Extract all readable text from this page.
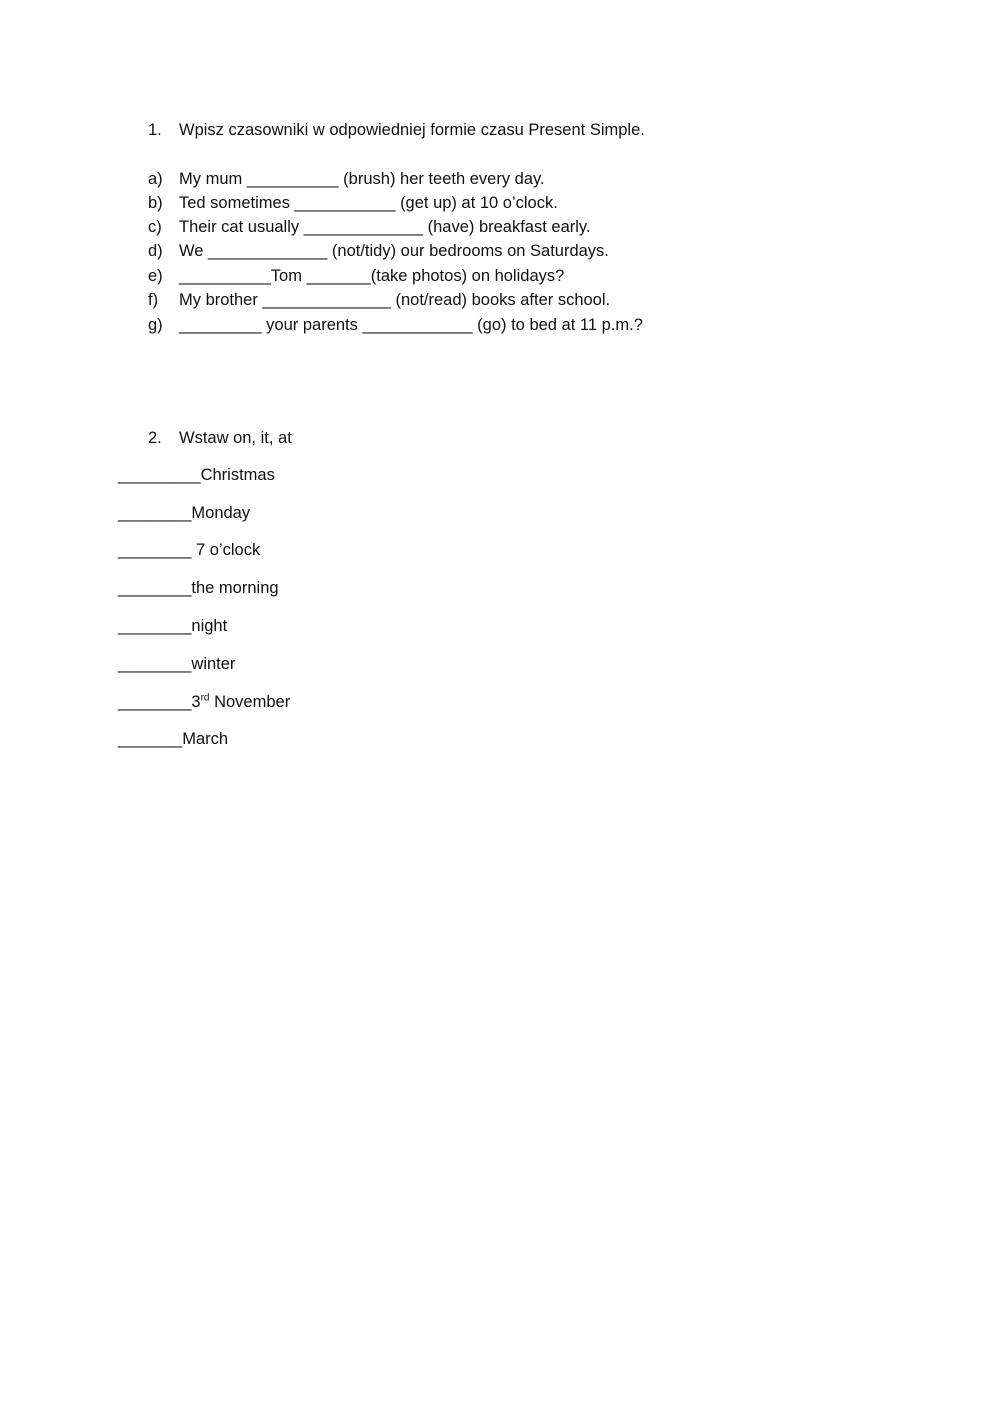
1. Wpisz czasowniki w odpowiedniej formie czasu Present Simple.
a) My mum __________ (brush) her teeth every day.
b) Ted sometimes ___________ (get up) at 10 o’clock.
c) Their cat usually _____________ (have) breakfast early.
d) We _____________ (not/tidy) our bedrooms on Saturdays.
e) __________Tom _______(take photos) on holidays?
f) My brother ______________ (not/read) books after school.
g) _________ your parents ____________ (go) to bed at 11 p.m.?
2. Wstaw on, it, at
_________Christmas
________Monday
________ 7 o’clock
________the morning
________night
________winter
________3rd November
_______March
